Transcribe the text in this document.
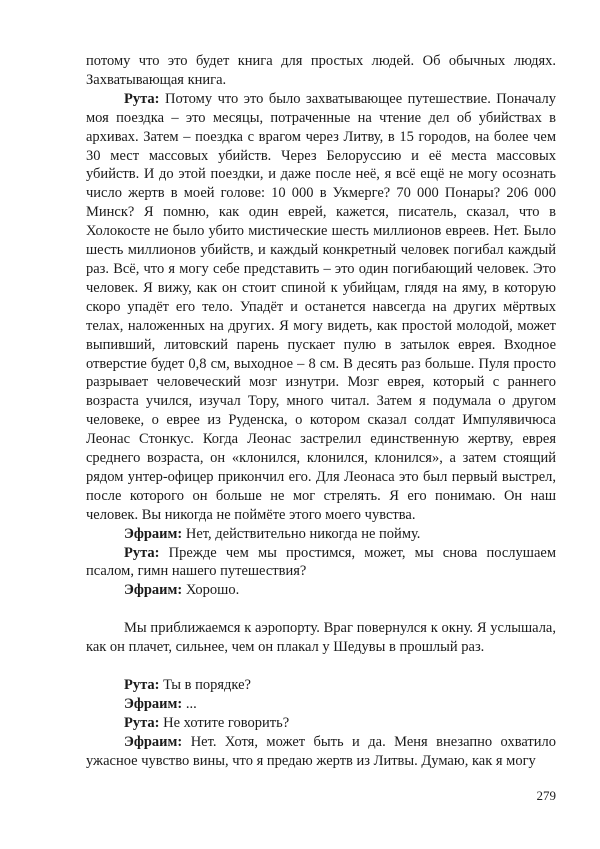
потому что это будет книга для простых людей. Об обычных людях. Захватывающая книга.

Рута: Потому что это было захватывающее путешествие. Поначалу моя поездка – это месяцы, потраченные на чтение дел об убийствах в архивах. Затем – поездка с врагом через Литву, в 15 городов, на более чем 30 мест массовых убийств. Через Белоруссию и её места массовых убийств. И до этой поездки, и даже после неё, я всё ещё не могу осознать число жертв в моей голове: 10 000 в Укмерге? 70 000 Понары? 206 000 Минск? Я помню, как один еврей, кажется, писатель, сказал, что в Холокосте не было убито мистические шесть миллионов евреев. Нет. Было шесть миллионов убийств, и каждый конкретный человек погибал каждый раз. Всё, что я могу себе представить – это один погибающий человек. Это человек. Я вижу, как он стоит спиной к убийцам, глядя на яму, в которую скоро упадёт его тело. Упадёт и останется навсегда на других мёртвых телах, наложенных на других. Я могу видеть, как простой молодой, может выпивший, литовский парень пускает пулю в затылок еврея. Входное отверстие будет 0,8 см, выходное – 8 см. В десять раз больше. Пуля просто разрывает человеческий мозг изнутри. Мозг еврея, который с раннего возраста учился, изучал Тору, много читал. Затем я подумала о другом человеке, о еврее из Руденска, о котором сказал солдат Импулявичюса Леонас Стонкус. Когда Леонас застрелил единственную жертву, еврея среднего возраста, он «клонился, клонился, клонился», а затем стоящий рядом унтер-офицер прикончил его. Для Леонаса это был первый выстрел, после которого он больше не мог стрелять. Я его понимаю. Он наш человек. Вы никогда не поймёте этого моего чувства.

Эфраим: Нет, действительно никогда не пойму.

Рута: Прежде чем мы простимся, может, мы снова послушаем псалом, гимн нашего путешествия?

Эфраим: Хорошо.

Мы приближаемся к аэропорту. Враг повернулся к окну. Я услышала, как он плачет, сильнее, чем он плакал у Шедувы в прошлый раз.

Рута: Ты в порядке?

Эфраим: ...

Рута: Не хотите говорить?

Эфраим: Нет. Хотя, может быть и да. Меня внезапно охватило ужасное чувство вины, что я предаю жертв из Литвы. Думаю, как я могу

279
